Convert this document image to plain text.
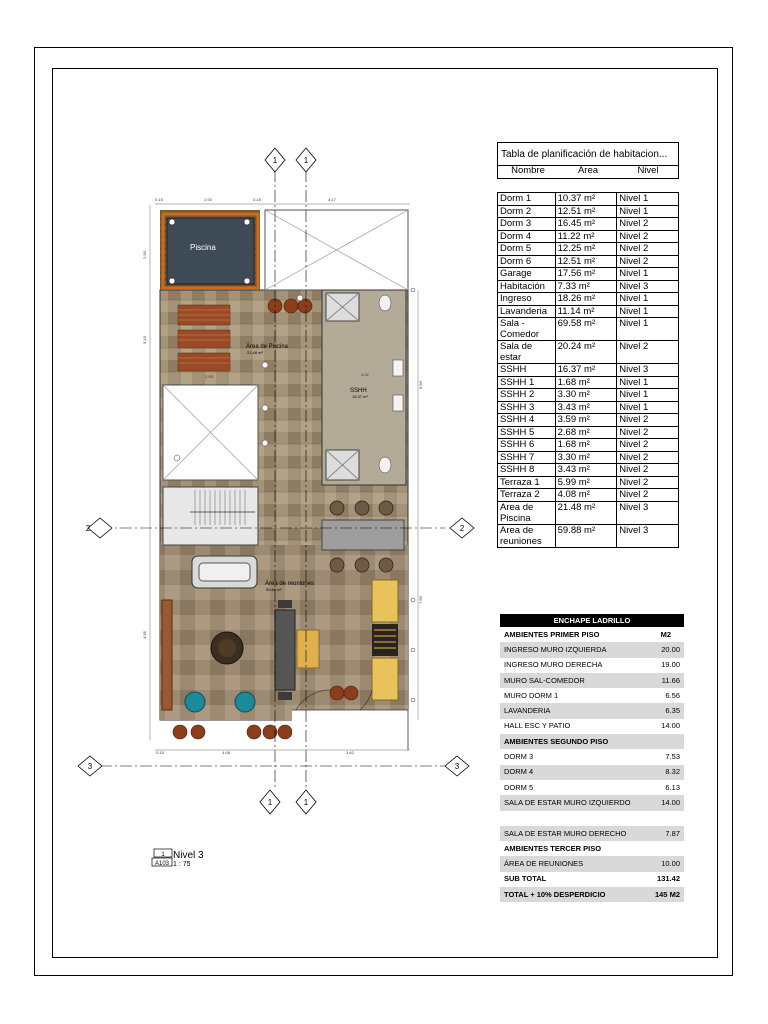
Piscina
SSHH
16.37 m²
Área de reuniones
59.88 m²
Área de Piscina
21.48 m²
1	1
1	1
2	2
3	3
0.15	2.93	0.15	4.17
2.90
5.10
4.95
0.15	4.08	3.62
6.90
7.60
2.93	4.02
Tabla de planificación de habitacion...
Nombre	Área	Nivel
Dorm 1	10.37 m²	Nivel 1
Dorm 2	12.51 m²	Nivel 1
Dorm 3	16.45 m²	Nivel 2
Dorm 4	11.22 m²	Nivel 2
Dorm 5	12.25 m²	Nivel 2
Dorm 6	12.51 m²	Nivel 2
Garage	17.56 m²	Nivel 1
Habitación	7.33 m²	Nivel 3
Ingreso	18.26 m²	Nivel 1
Lavanderia	11.14 m²	Nivel 1
Sala - Comedor	69.58 m²	Nivel 1
Sala de estar	20.24 m²	Nivel 2
SSHH	16.37 m²	Nivel 3
SSHH 1	1.68 m²	Nivel 1
SSHH 2	3.30 m²	Nivel 1
SSHH 3	3.43 m²	Nivel 1
SSHH 4	3.59 m²	Nivel 2
SSHH 5	2.68 m²	Nivel 2
SSHH 6	1.68 m²	Nivel 2
SSHH 7	3.30 m²	Nivel 2
SSHH 8	3.43 m²	Nivel 2
Terraza 1	5.99 m²	Nivel 2
Terraza 2	4.08 m²	Nivel 2
Area de Piscina	21.48 m²	Nivel 3
Area de reuniones	59.88 m²	Nivel 3
ENCHAPE LADRILLO	
AMBIENTES PRIMER PISO	M2
INGRESO MURO IZQUIERDA	20.00
INGRESO MURO DERECHA	19.00
MURO SAL-COMEDOR	11.66
MURO DORM 1	6.56
LAVANDERIA	6.35
HALL ESC Y PATIO	14.00
AMBIENTES SEGUNDO PISO	
DORM 3	7.53
DORM 4	8.32
DORM 5	6.13
SALA DE ESTAR MURO IZQUIERDO	14.00

SALA DE ESTAR MURO DERECHO	7.87
AMBIENTES TERCER PISO	
ÁREA DE REUNIONES	10.00
SUB TOTAL	131.42
TOTAL + 10% DESPERDICIO	145 M2
1
A103
Nivel 3
1 : 75
